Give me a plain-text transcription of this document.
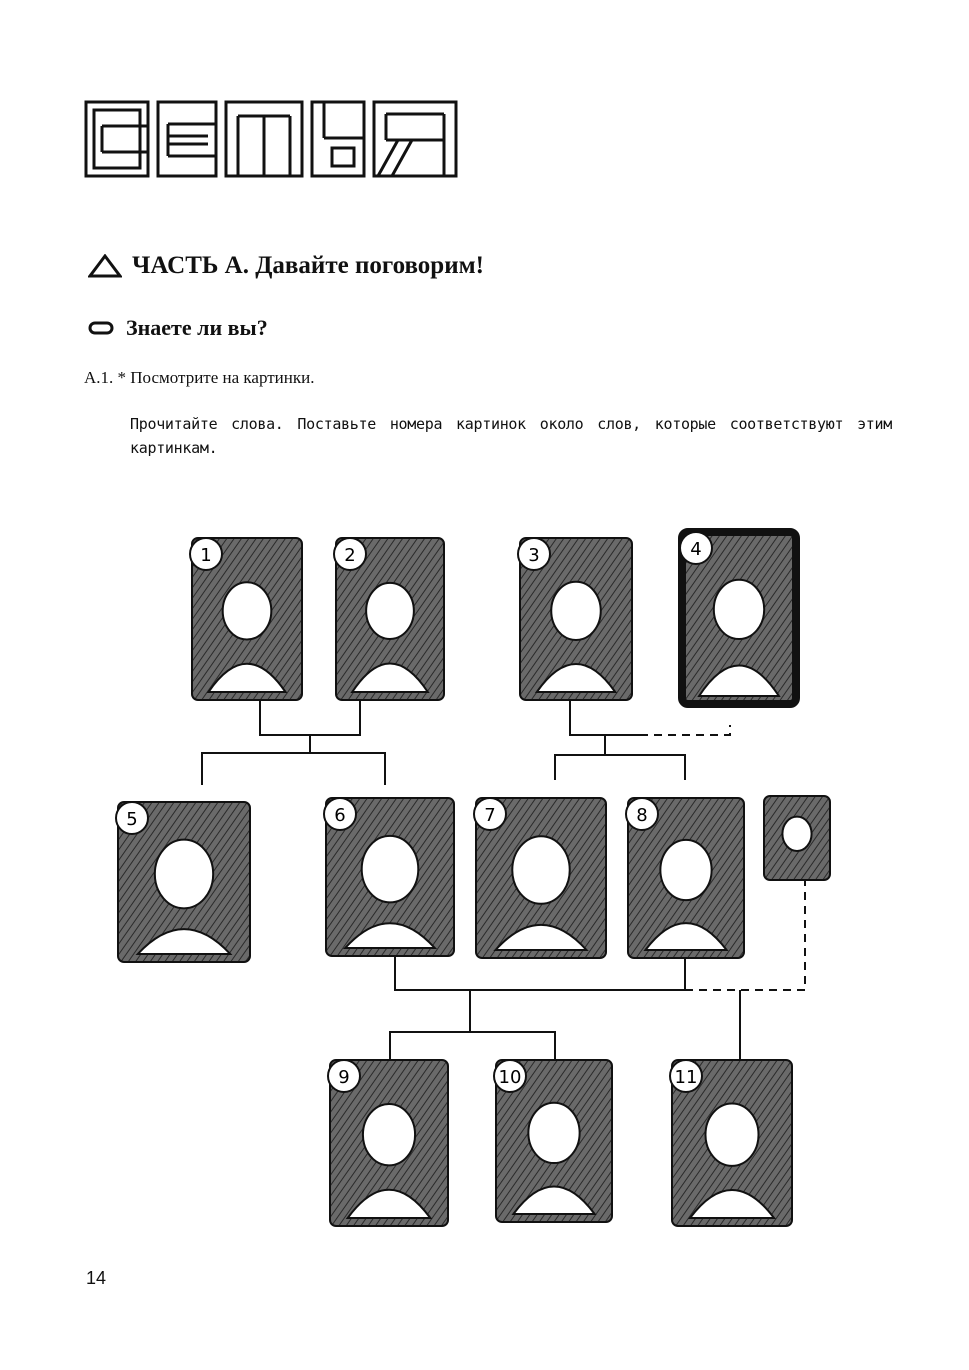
ЧАСТЬ А. Давайте поговорим!
Знаете ли вы?
А.1. * Посмотрите на картинки.
Прочитайте слова. Поставьте номера картинок около слов, которые соответствуют этим картинкам.
1	2	3	4
5	6	7	8
9	10	11
14
